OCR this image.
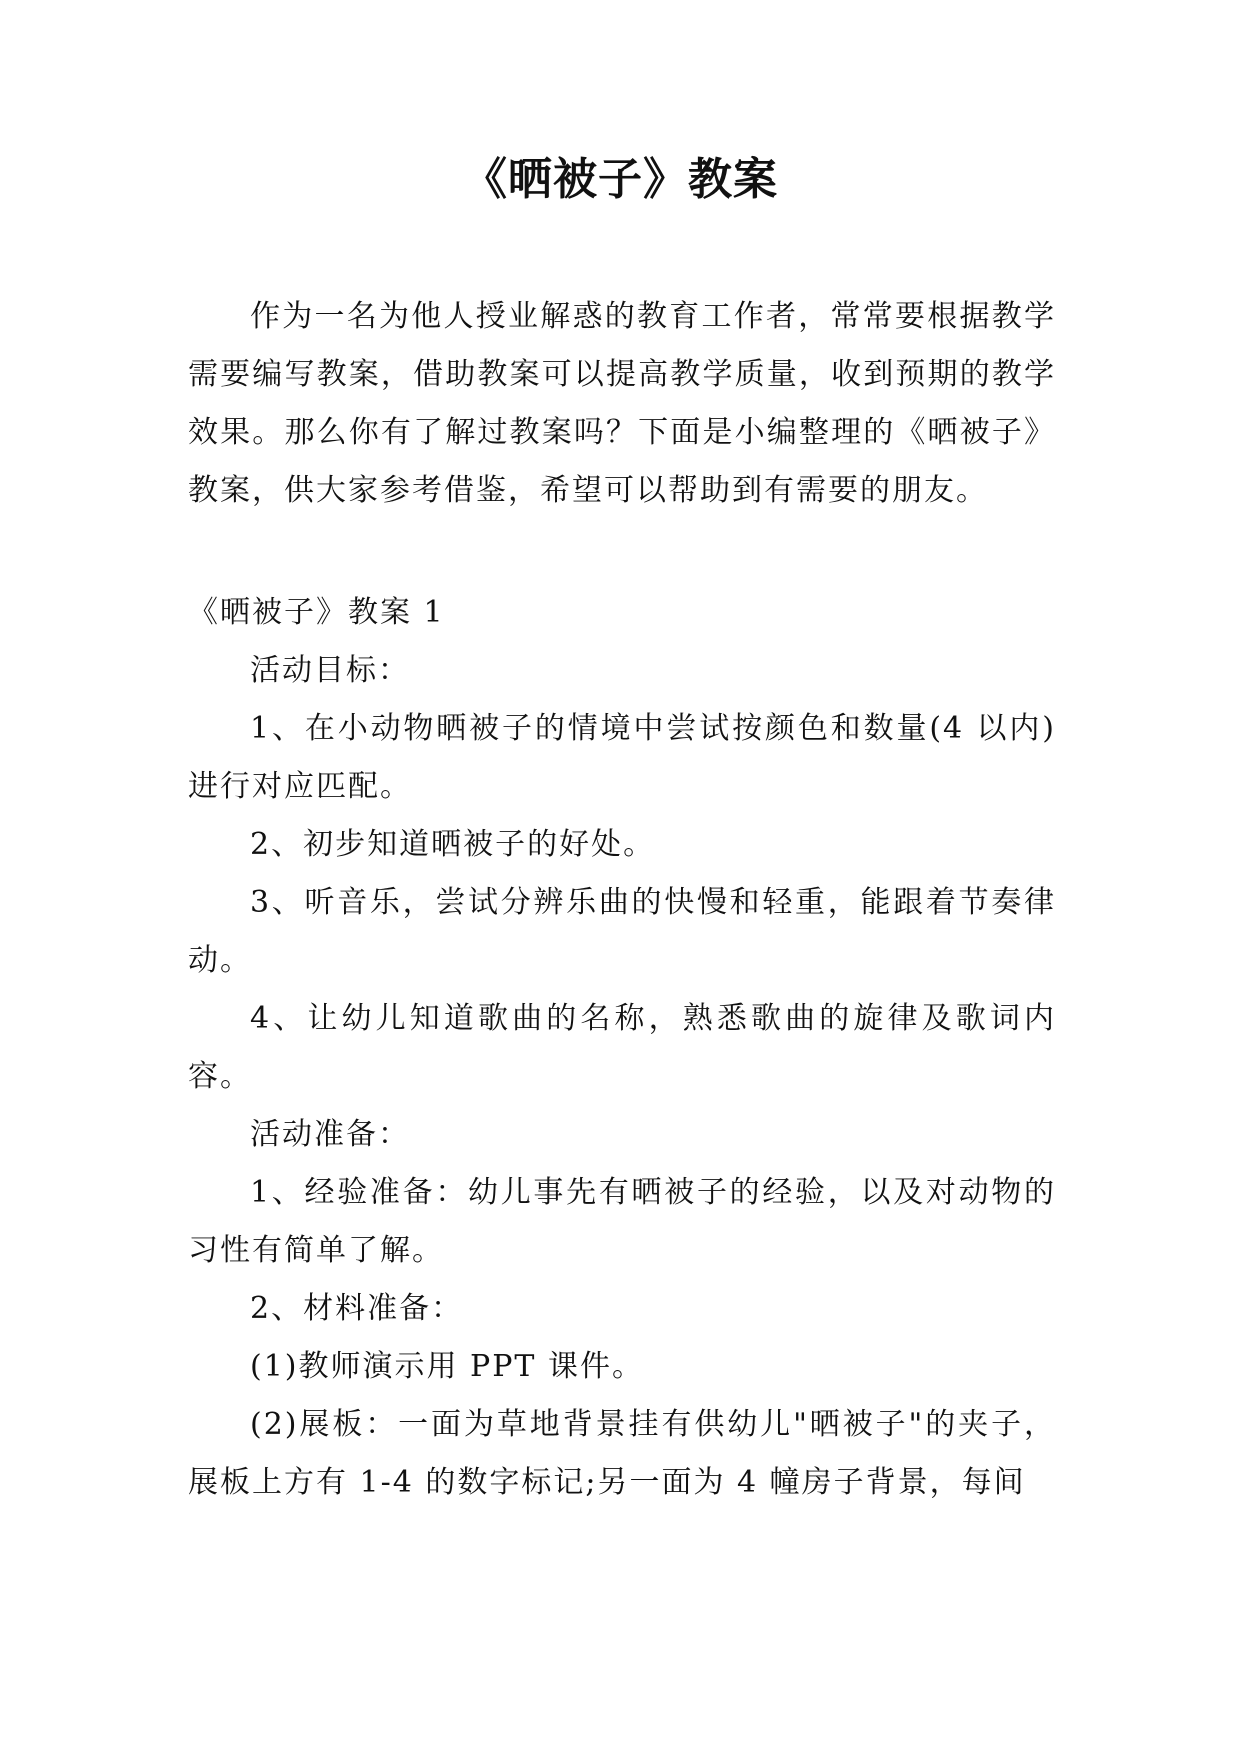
《晒被子》教案

作为一名为他人授业解惑的教育工作者，常常要根据教学需要编写教案，借助教案可以提高教学质量，收到预期的教学效果。那么你有了解过教案吗？下面是小编整理的《晒被子》教案，供大家参考借鉴，希望可以帮助到有需要的朋友。

《晒被子》教案 1

活动目标：

1、在小动物晒被子的情境中尝试按颜色和数量(4 以内)进行对应匹配。

2、初步知道晒被子的好处。

3、听音乐，尝试分辨乐曲的快慢和轻重，能跟着节奏律动。

4、让幼儿知道歌曲的名称，熟悉歌曲的旋律及歌词内容。

活动准备：

1、经验准备：幼儿事先有晒被子的经验，以及对动物的习性有简单了解。

2、材料准备：

(1)教师演示用 PPT 课件。

(2)展板：一面为草地背景挂有供幼儿"晒被子"的夹子，展板上方有 1-4 的数字标记;另一面为 4 幢房子背景，每间
